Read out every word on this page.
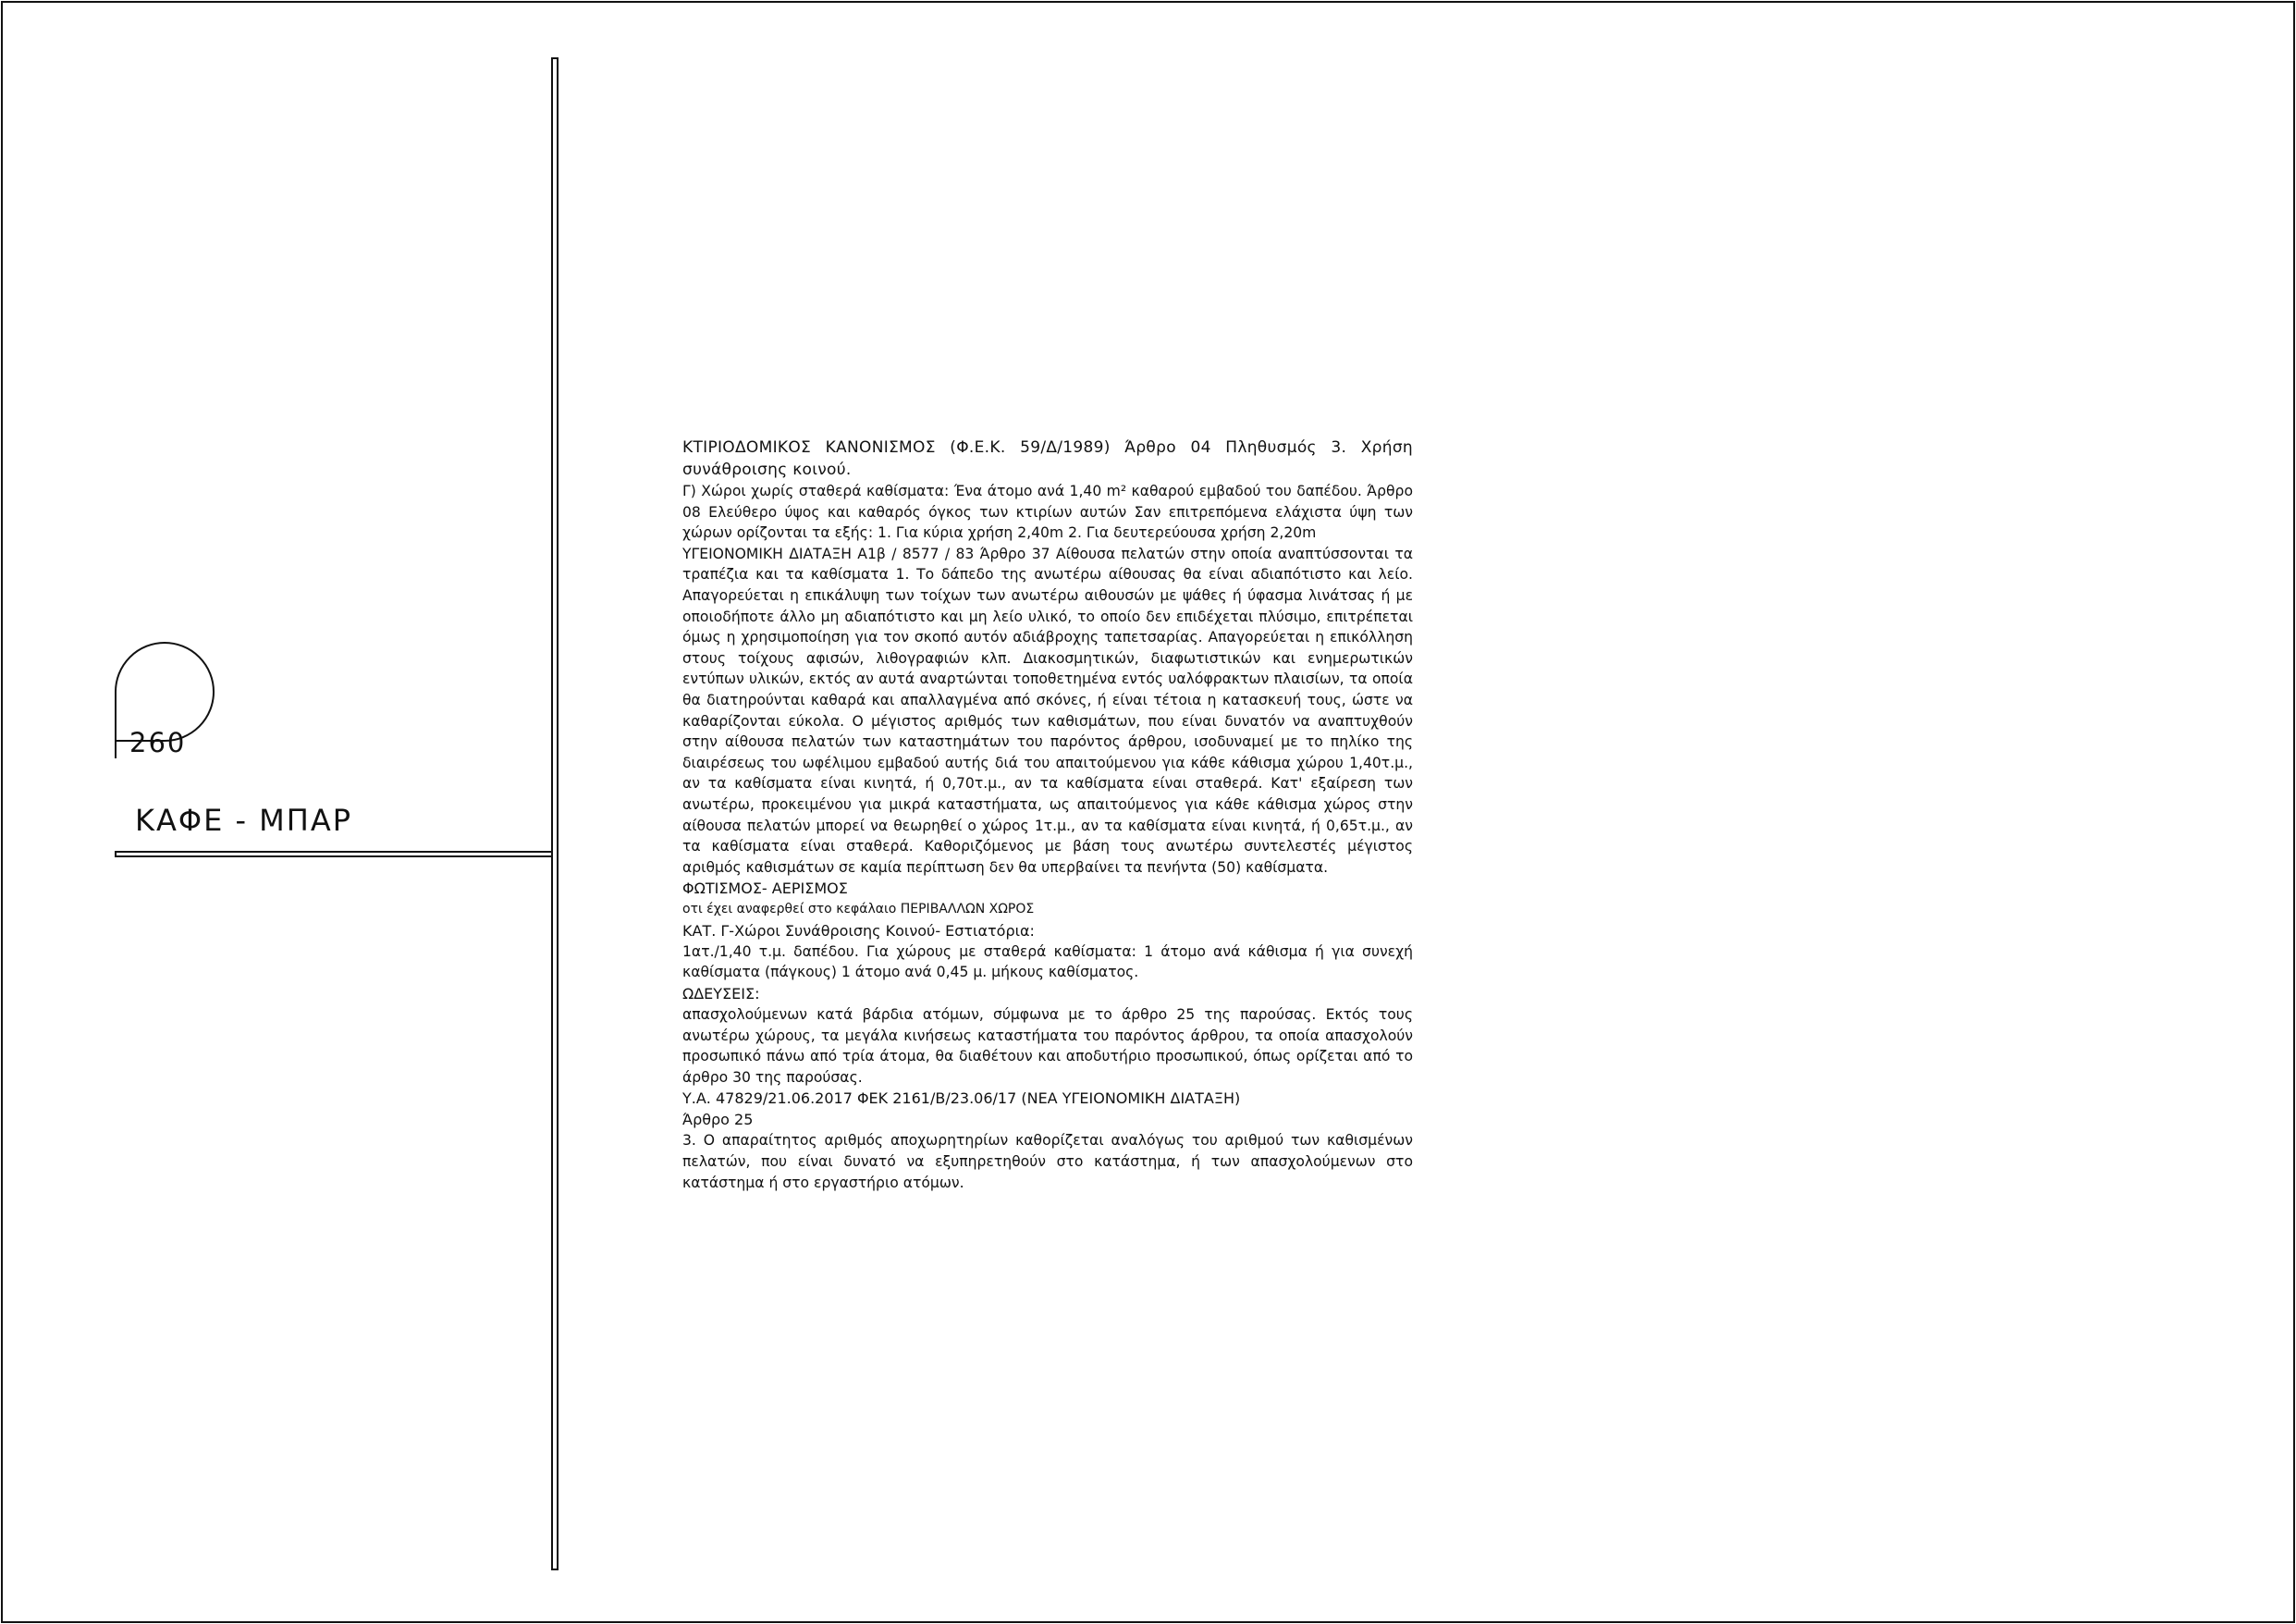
260
ΚΑΦΕ - ΜΠΑΡ

ΚΤΙΡΙΟΔΟΜΙΚΟΣ ΚΑΝΟΝΙΣΜΟΣ (Φ.Ε.Κ. 59/Δ/1989) Άρθρο 04 Πληθυσμός 3. Χρήση συνάθροισης κοινού.

Γ) Χώροι χωρίς σταθερά καθίσματα: Ένα άτομο ανά 1,40 m² καθαρού εμβαδού του δαπέδου. Άρθρο 08 Ελεύθερο ύψος και καθαρός όγκος των κτιρίων αυτών Σαν επιτρεπόμενα ελάχιστα ύψη των χώρων ορίζονται τα εξής: 1. Για κύρια χρήση 2,40m 2. Για δευτερεύουσα χρήση 2,20m
ΥΓΕΙΟΝΟΜΙΚΗ ΔΙΑΤΑΞΗ Α1β / 8577 / 83 Άρθρο 37 Αίθουσα πελατών στην οποία αναπτύσσονται τα τραπέζια και τα καθίσματα 1. Το δάπεδο της ανωτέρω αίθουσας θα είναι αδιαπότιστο και λείο. Απαγορεύεται η επικάλυψη των τοίχων των ανωτέρω αιθουσών με ψάθες ή ύφασμα λινάτσας ή με οποιοδήποτε άλλο μη αδιαπότιστο και μη λείο υλικό, το οποίο δεν επιδέχεται πλύσιμο, επιτρέπεται όμως η χρησιμοποίηση για τον σκοπό αυτόν αδιάβροχης ταπετσαρίας. Απαγορεύεται η επικόλληση στους τοίχους αφισών, λιθογραφιών κλπ. Διακοσμητικών, διαφωτιστικών και ενημερωτικών εντύπων υλικών, εκτός αν αυτά αναρτώνται τοποθετημένα εντός υαλόφρακτων πλαισίων, τα οποία θα διατηρούνται καθαρά και απαλλαγμένα από σκόνες, ή είναι τέτοια η κατασκευή τους, ώστε να καθαρίζονται εύκολα. Ο μέγιστος αριθμός των καθισμάτων, που είναι δυνατόν να αναπτυχθούν στην αίθουσα πελατών των καταστημάτων του παρόντος άρθρου, ισοδυναμεί με το πηλίκο της διαιρέσεως του ωφέλιμου εμβαδού αυτής διά του απαιτούμενου για κάθε κάθισμα χώρου 1,40τ.μ., αν τα καθίσματα είναι κινητά, ή 0,70τ.μ., αν τα καθίσματα είναι σταθερά. Κατ' εξαίρεση των ανωτέρω, προκειμένου για μικρά καταστήματα, ως απαιτούμενος για κάθε κάθισμα χώρος στην αίθουσα πελατών μπορεί να θεωρηθεί ο χώρος 1τ.μ., αν τα καθίσματα είναι κινητά, ή 0,65τ.μ., αν τα καθίσματα είναι σταθερά. Καθοριζόμενος με βάση τους ανωτέρω συντελεστές μέγιστος αριθμός καθισμάτων σε καμία περίπτωση δεν θα υπερβαίνει τα πενήντα (50) καθίσματα.

ΦΩΤΙΣΜΟΣ- ΑΕΡΙΣΜΟΣ

οτι έχει αναφερθεί στο κεφάλαιο ΠΕΡΙΒΑΛΛΩΝ ΧΩΡΟΣ

ΚΑΤ. Γ-Χώροι Συνάθροισης Κοινού- Εστιατόρια:

1ατ./1,40 τ.μ. δαπέδου. Για χώρους με σταθερά καθίσματα: 1 άτομο ανά κάθισμα ή για συνεχή καθίσματα (πάγκους) 1 άτομο ανά 0,45 μ. μήκους καθίσματος.

ΩΔΕΥΣΕΙΣ:

απασχολούμενων κατά βάρδια ατόμων, σύμφωνα με το άρθρο 25 της παρούσας. Εκτός τους ανωτέρω χώρους, τα μεγάλα κινήσεως καταστήματα του παρόντος άρθρου, τα οποία απασχολούν προσωπικό πάνω από τρία άτομα, θα διαθέτουν και αποδυτήριο προσωπικού, όπως ορίζεται από το άρθρο 30 της παρούσας.

Υ.Α. 47829/21.06.2017 ΦΕΚ 2161/Β/23.06/17 (ΝΕΑ ΥΓΕΙΟΝΟΜΙΚΗ ΔΙΑΤΑΞΗ)

Άρθρο 25

3. Ο απαραίτητος αριθμός αποχωρητηρίων καθορίζεται αναλόγως του αριθμού των καθισμένων πελατών, που είναι δυνατό να εξυπηρετηθούν στο κατάστημα, ή των απασχολούμενων στο κατάστημα ή στο εργαστήριο ατόμων.
